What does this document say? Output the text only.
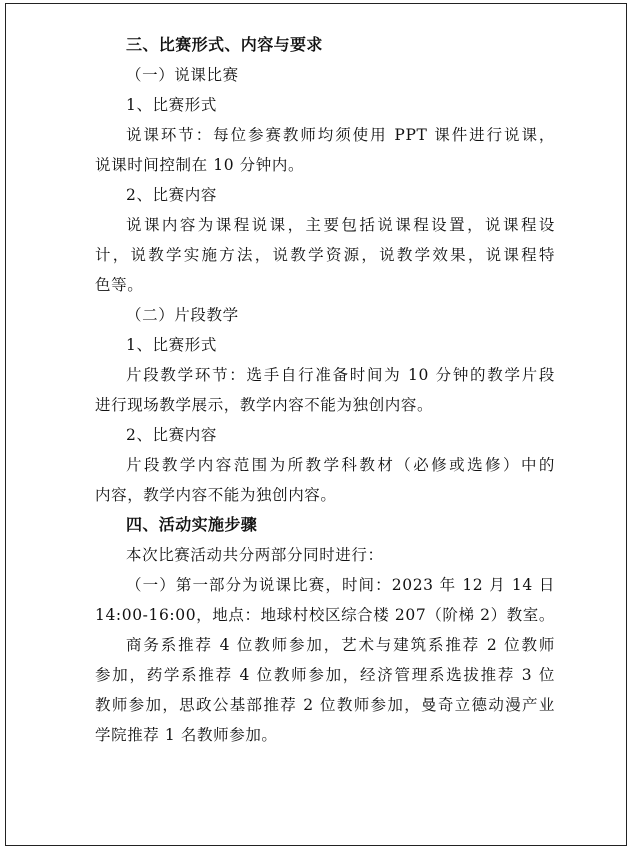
三、比赛形式、内容与要求
（一）说课比赛
1、比赛形式
说课环节：每位参赛教师均须使用 PPT 课件进行说课，
说课时间控制在 10 分钟内。
2、比赛内容
说课内容为课程说课，主要包括说课程设置，说课程设
计，说教学实施方法，说教学资源，说教学效果，说课程特
色等。
（二）片段教学
1、比赛形式
片段教学环节：选手自行准备时间为 10 分钟的教学片段
进行现场教学展示，教学内容不能为独创内容。
2、比赛内容
片段教学内容范围为所教学科教材（必修或选修）中的
内容，教学内容不能为独创内容。
四、活动实施步骤
本次比赛活动共分两部分同时进行：
（一）第一部分为说课比赛，时间：2023 年 12 月 14 日
14:00-16:00，地点：地球村校区综合楼 207（阶梯 2）教室。
商务系推荐 4 位教师参加，艺术与建筑系推荐 2 位教师
参加，药学系推荐 4 位教师参加，经济管理系选拔推荐 3 位
教师参加，思政公基部推荐 2 位教师参加，曼奇立德动漫产业
学院推荐 1 名教师参加。
